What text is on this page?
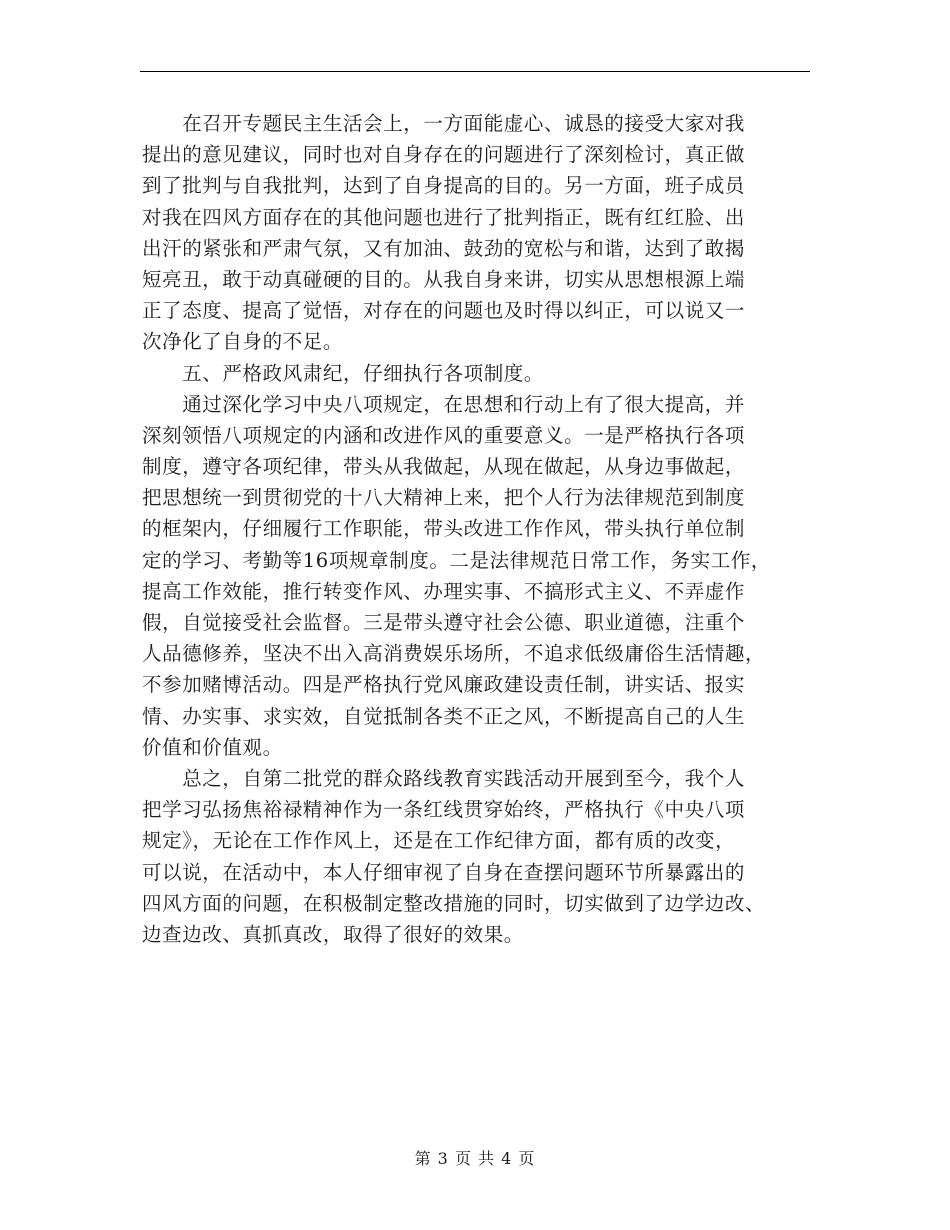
　　在召开专题民主生活会上，一方面能虚心、诚恳的接受大家对我
提出的意见建议，同时也对自身存在的问题进行了深刻检讨，真正做
到了批判与自我批判，达到了自身提高的目的。另一方面，班子成员
对我在四风方面存在的其他问题也进行了批判指正，既有红红脸、出
出汗的紧张和严肃气氛，又有加油、鼓劲的宽松与和谐，达到了敢揭
短亮丑，敢于动真碰硬的目的。从我自身来讲，切实从思想根源上端
正了态度、提高了觉悟，对存在的问题也及时得以纠正，可以说又一
次净化了自身的不足。
　　五、严格政风肃纪，仔细执行各项制度。
　　通过深化学习中央八项规定，在思想和行动上有了很大提高，并
深刻领悟八项规定的内涵和改进作风的重要意义。一是严格执行各项
制度，遵守各项纪律，带头从我做起，从现在做起，从身边事做起，
把思想统一到贯彻党的十八大精神上来，把个人行为法律规范到制度
的框架内，仔细履行工作职能，带头改进工作作风，带头执行单位制
定的学习、考勤等16项规章制度。二是法律规范日常工作，务实工作，
提高工作效能，推行转变作风、办理实事、不搞形式主义、不弄虚作
假，自觉接受社会监督。三是带头遵守社会公德、职业道德，注重个
人品德修养，坚决不出入高消费娱乐场所，不追求低级庸俗生活情趣，
不参加赌博活动。四是严格执行党风廉政建设责任制，讲实话、报实
情、办实事、求实效，自觉抵制各类不正之风，不断提高自己的人生
价值和价值观。
　　总之，自第二批党的群众路线教育实践活动开展到至今，我个人
把学习弘扬焦裕禄精神作为一条红线贯穿始终，严格执行《中央八项
规定》，无论在工作作风上，还是在工作纪律方面，都有质的改变，
可以说，在活动中，本人仔细审视了自身在查摆问题环节所暴露出的
四风方面的问题，在积极制定整改措施的同时，切实做到了边学边改、
边查边改、真抓真改，取得了很好的效果。
第 3 页 共 4 页
